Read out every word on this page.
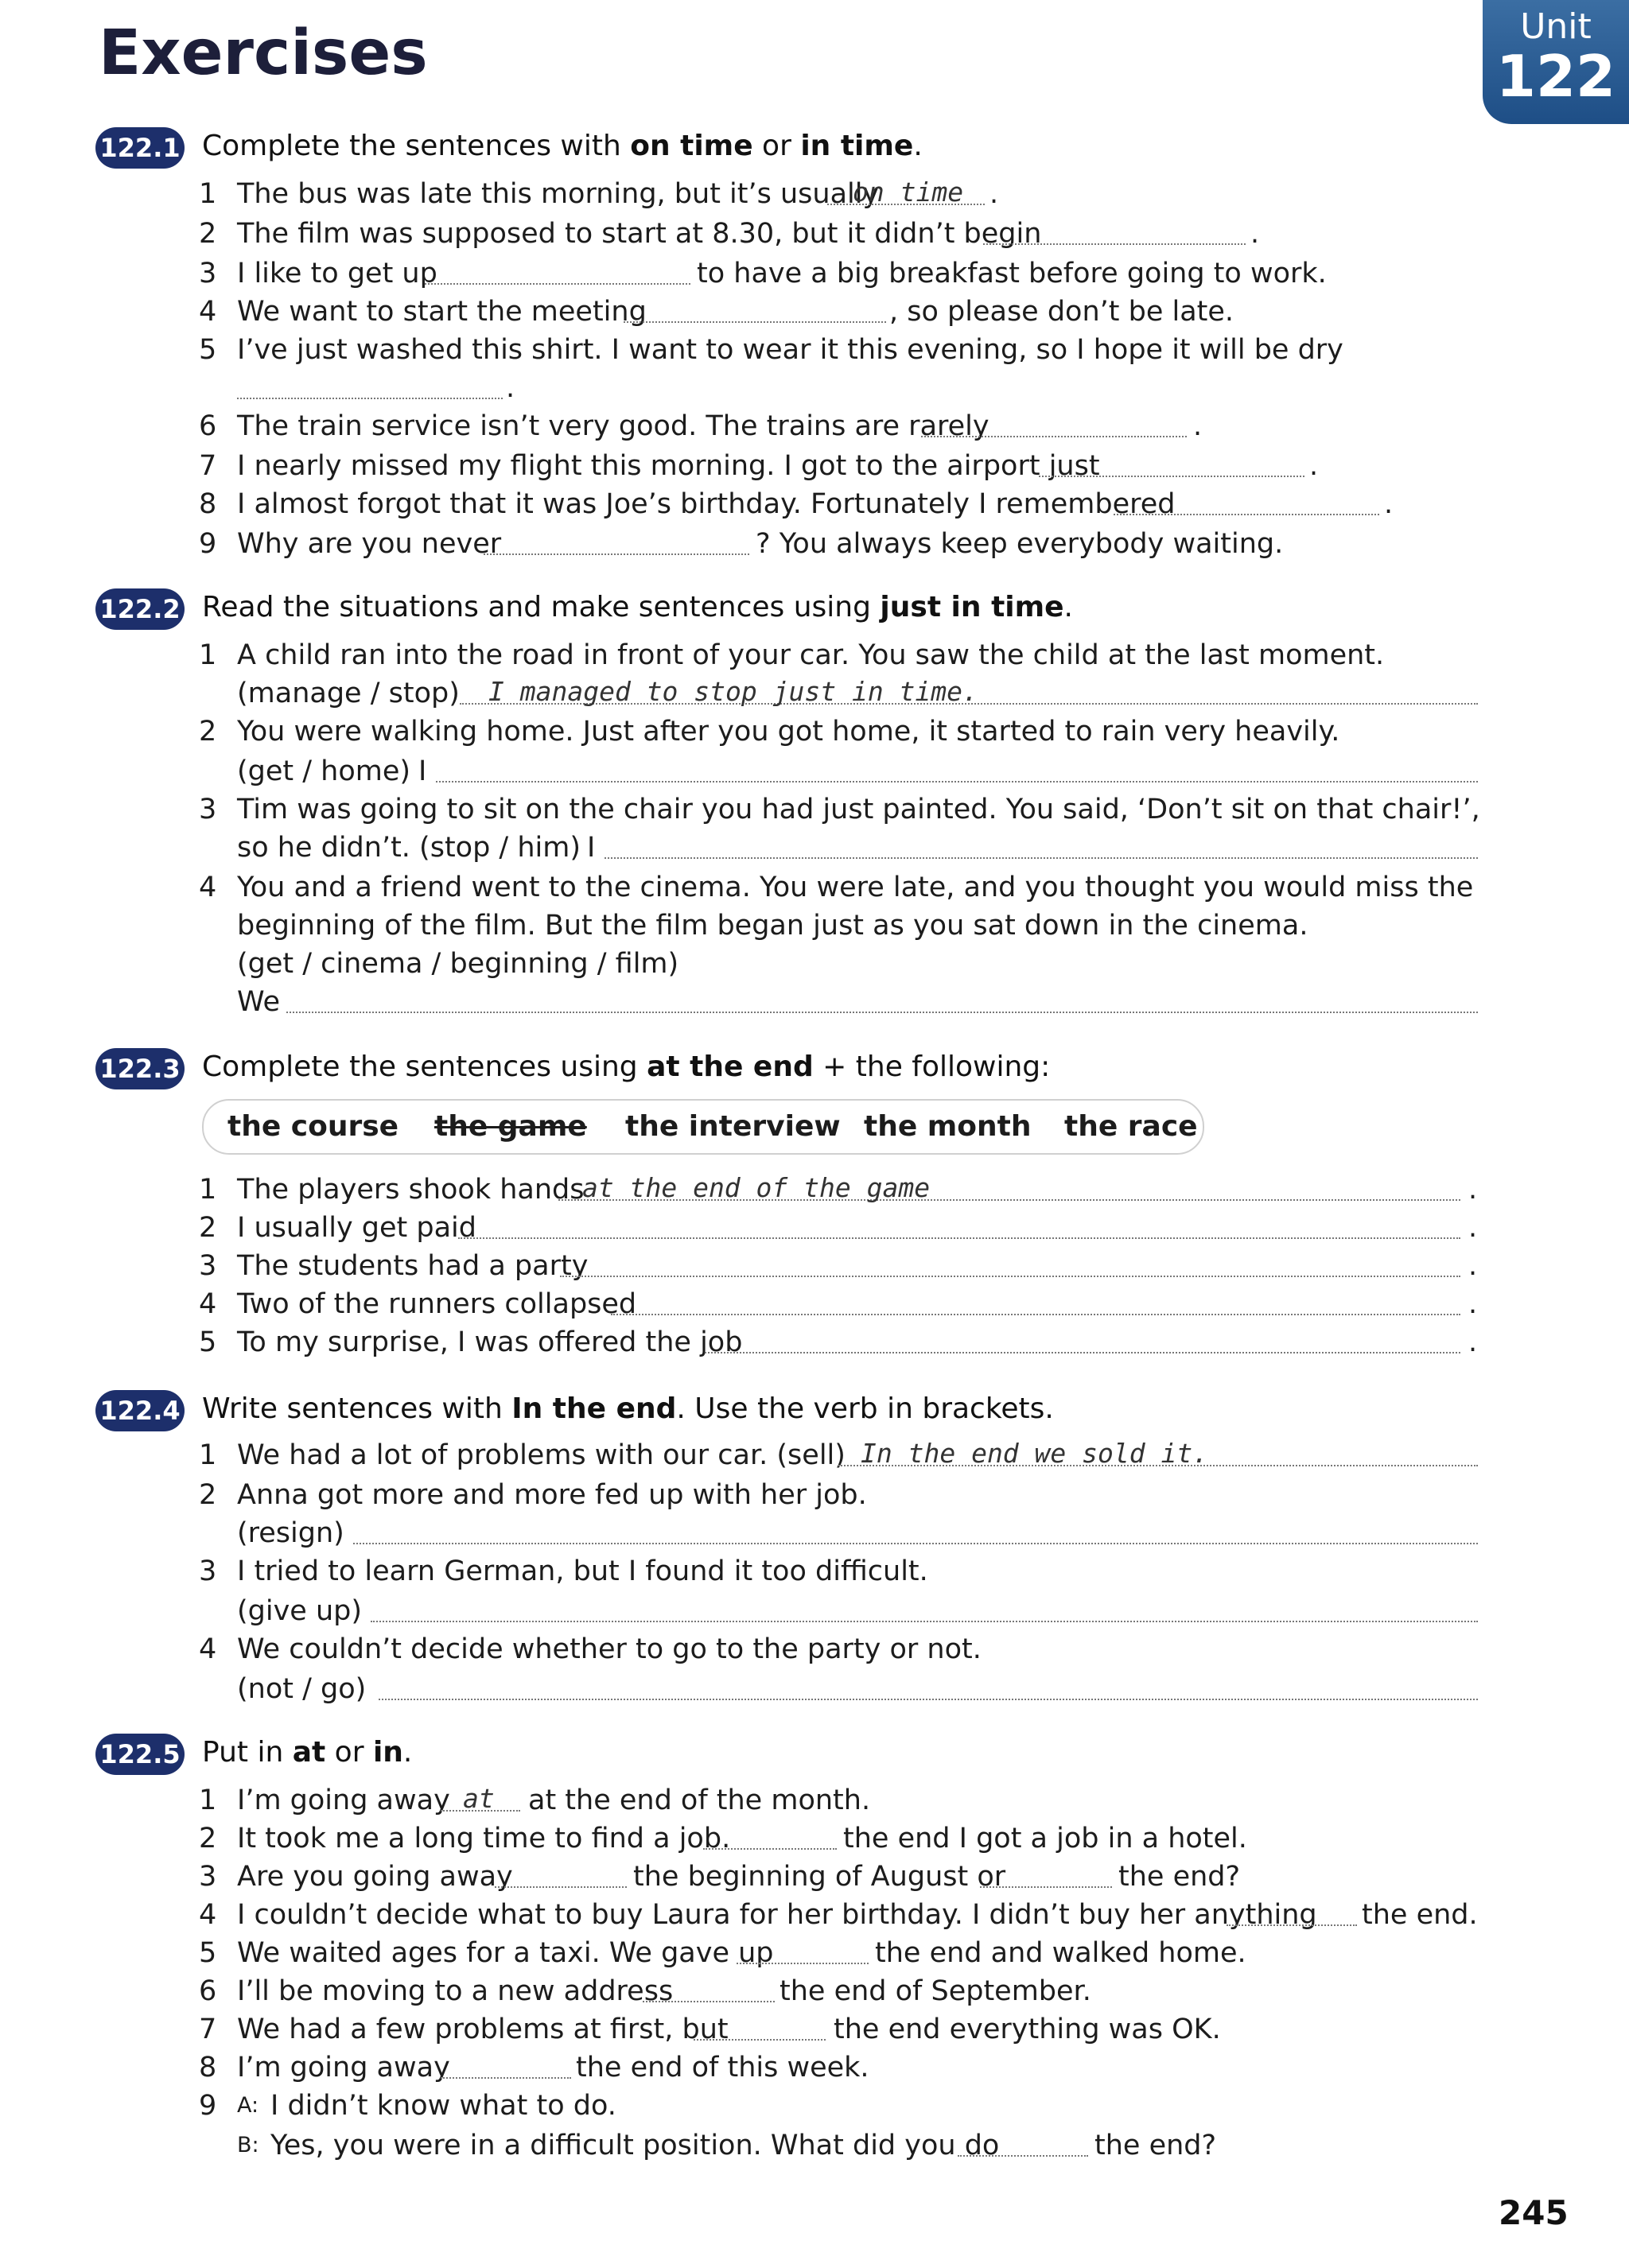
Exercises	Unit
122
122.1 Complete the sentences with on time or in time.
1 The bus was late this morning, but it’s usually
on time .
2 The film was supposed to start at 8.30, but it didn’t begin	.
3 I like to get up	to have a big breakfast before going to work.
4 We want to start the meeting	, so please don’t be late.
5 I’ve just washed this shirt. I want to wear it this evening, so I hope it will be dry
.
6 The train service isn’t very good. The trains are rarely	.
7 I nearly missed my flight this morning. I got to the airport just	.
8 I almost forgot that it was Joe’s birthday. Fortunately I remembered	.
9 Why are you never	? You always keep everybody waiting.
122.2 Read the situations and make sentences using just in time.
1 A child ran into the road in front of your car. You saw the child at the last moment.
(manage / stop) I managed to stop just in time.
2 You were walking home. Just after you got home, it started to rain very heavily.
(get / home) I
3 Tim was going to sit on the chair you had just painted. You said, ‘Don’t sit on that chair!’,
so he didn’t. (stop / him) I
4 You and a friend went to the cinema. You were late, and you thought you would miss the
beginning of the film. But the film began just as you sat down in the cinema.
(get / cinema / beginning / film)
We
122.3 Complete the sentences using at the end + the following:
the course the game the interview the month the race
1 The players shook hands
at the end of the game	.
2 I usually get paid	.
3 The students had a party	.
4 Two of the runners collapsed	.
5 To my surprise, I was offered the job	.
122.4 Write sentences with In the end. Use the verb in brackets.
1 We had a lot of problems with our car. (sell) In the end we sold it.
2 Anna got more and more fed up with her job.
(resign)
3 I tried to learn German, but I found it too difficult.
(give up)
4 We couldn’t decide whether to go to the party or not.
(not / go)
122.5 Put in at or in.
1 I’m going away at at the end of the month.
2 It took me a long time to find a job.	the end I got a job in a hotel.
3 Are you going away	the beginning of August or	the end?
4 I couldn’t decide what to buy Laura for her birthday. I didn’t buy her anything the end.
5 We waited ages for a taxi. We gave up	the end and walked home.
6 I’ll be moving to a new address	the end of September.
7 We had a few problems at first, but	the end everything was OK.
8 I’m going away	the end of this week.
9 A: I didn’t know what to do.
B: Yes, you were in a difficult position. What did you do	the end?
245
